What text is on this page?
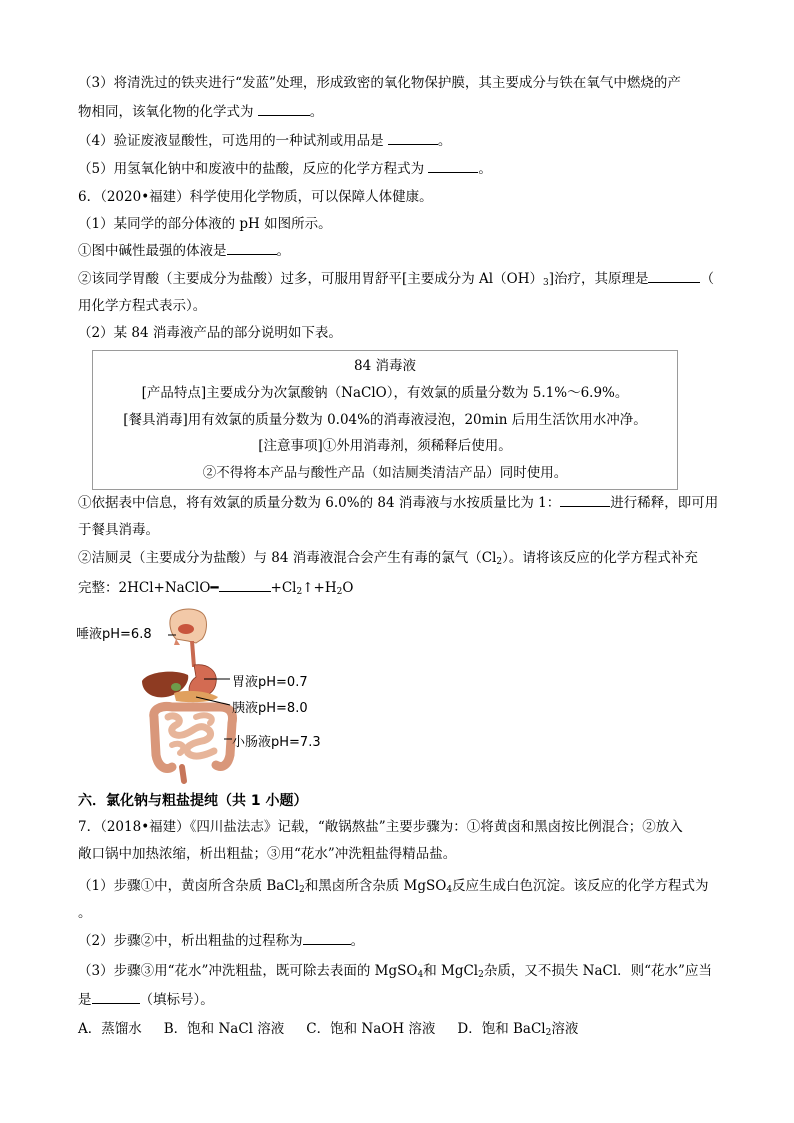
（3）将清洗过的铁夹进行“发蓝”处理，形成致密的氧化物保护膜，其主要成分与铁在氧气中燃烧的产
物相同，该氧化物的化学式为	。
（4）验证废液显酸性，可选用的一种试剂或用品是	。
（5）用氢氧化钠中和废液中的盐酸，反应的化学方程式为	。
6．（2020•福建）科学使用化学物质，可以保障人体健康。
（1）某同学的部分体液的 pH 如图所示。
①图中碱性最强的体液是	。
②该同学胃酸（主要成分为盐酸）过多，可服用胃舒平[主要成分为 $Al(OH)_3$]治疗，其原理是	（
用化学方程式表示）。
（2）某 84 消毒液产品的部分说明如下表。
84 消毒液
[产品特点]主要成分为次氯酸钠（NaClO），有效氯的质量分数为 5.1%～6.9%。
[餐具消毒]用有效氯的质量分数为 0.04%的消毒液浸泡，20min 后用生活饮用水冲净。
[注意事项]①外用消毒剂，须稀释后使用。
②不得将本产品与酸性产品（如洁厕类清洁产品）同时使用。
①依据表中信息，将有效氯的质量分数为 6.0%的 84 消毒液与水按质量比为 1：	进行稀释，即可用
于餐具消毒。
②洁厕灵（主要成分为盐酸）与 84 消毒液混合会产生有毒的氯气$(Cl_2)$。请将该反应的化学方程式补充
完整：2HCl+NaClO━	$+Cl_2↑+H_2O$
唾液pH=6.8
胃液pH=0.7
胰液pH=8.0
小肠液pH=7.3
六．氯化钠与粗盐提纯（共 1 小题）
7．（2018•福建）《四川盐法志》记载，“敞锅熬盐”主要步骤为：①将黄卤和黑卤按比例混合；②放入
敞口锅中加热浓缩，析出粗盐；③用“花水”冲洗粗盐得精品盐。
（1）步骤①中，黄卤所含杂质 BaCl$_2$和黑卤所含杂质 MgSO$_4$反应生成白色沉淀。该反应的化学方程式为
。
（2）步骤②中，析出粗盐的过程称为	。
（3）步骤③用“花水”冲洗粗盐，既可除去表面的 MgSO$_4$和 MgCl$_2$杂质，又不损失 NaCl．则“花水”应当
是	（填标号）。
A．蒸馏水 B．饱和 NaCl 溶液 C．饱和 NaOH 溶液 D．饱和 BaCl$_2$溶液
